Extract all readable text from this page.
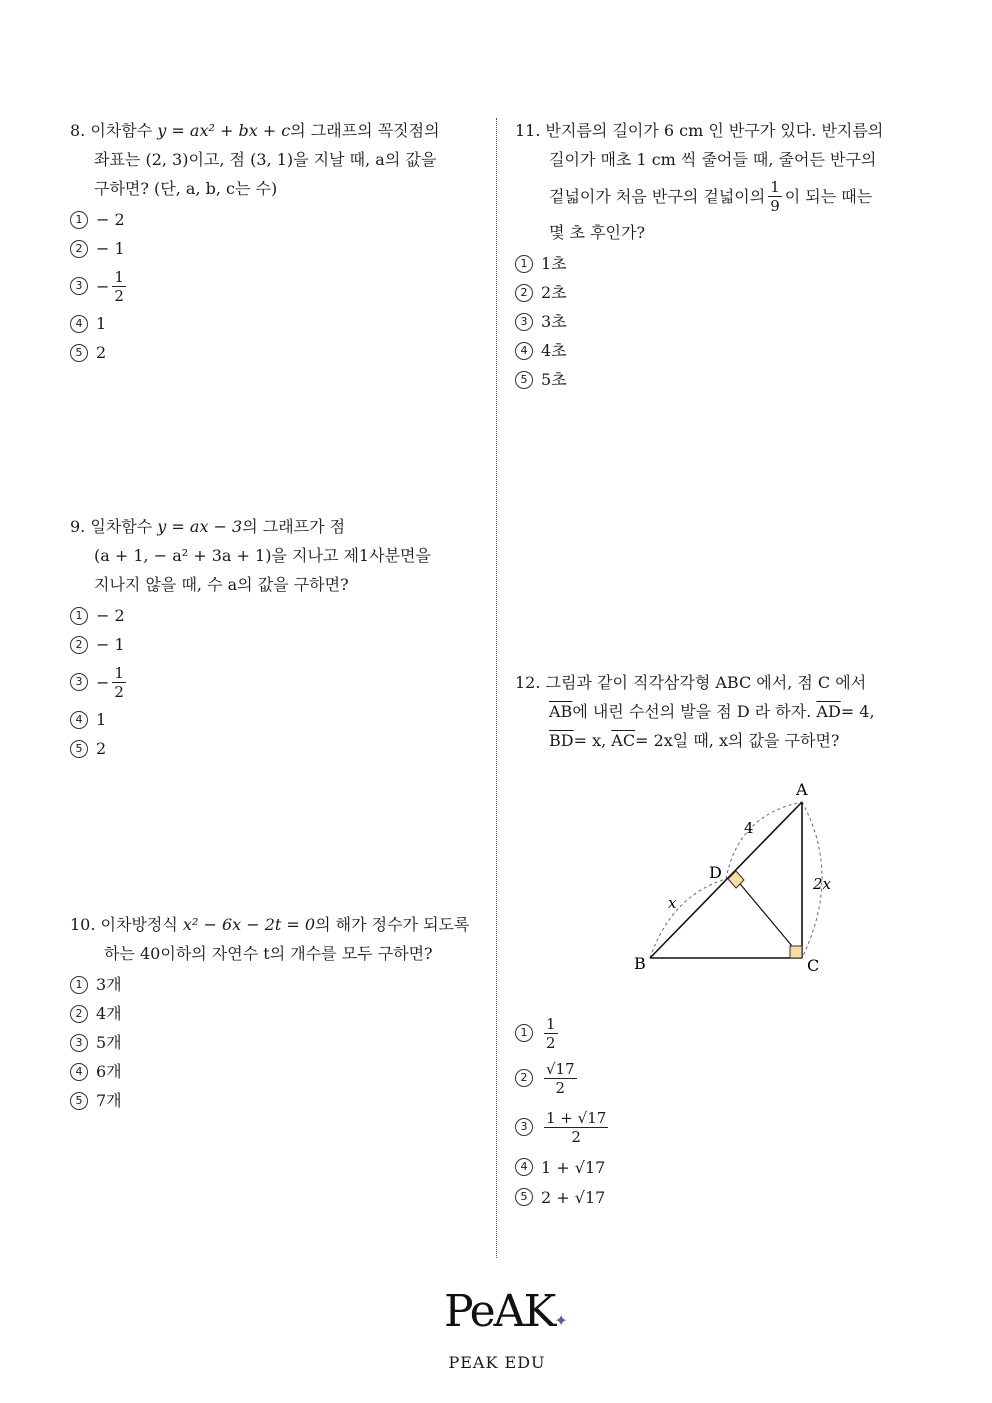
8. 이차함수 y = ax² + bx + c의 그래프의 꼭짓점의
좌표는 (2, 3)이고, 점 (3, 1)을 지날 때, a의 값을
구하면? (단, a, b, c는 수)
1 − 2
2 − 1
$3 - \frac{1}{2}$
4 1
5 2
9. 일차함수 y = ax − 3의 그래프가 점
(a + 1, − a² + 3a + 1)을 지나고 제1사분면을
지나지 않을 때, 수 a의 값을 구하면?
1 − 2
2 − 1
$3 - \frac{1}{2}$
4 1
5 2
10. 이차방정식 x² − 6x − 2t = 0의 해가 정수가 되도록
하는 40이하의 자연수 t의 개수를 모두 구하면?
1 3개
2 4개
3 5개
4 6개
5 7개
11. 반지름의 길이가 6 cm 인 반구가 있다. 반지름의
길이가 매초 1 cm 씩 줄어들 때, 줄어든 반구의
겉넓이가 처음 반구의 겉넓이의 $\frac{1}{9}$ 이 되는 때는
몇 초 후인가?
1 1초
2 2초
3 3초
4 4초
5 5초
12. 그림과 같이 직각삼각형 ABC 에서, 점 C 에서
$\overline{AB}$에 내린 수선의 발을 점 D 라 하자. $\overline{AD}= 4$,
$\overline{BD}= x$, $\overline{AC}= 2x$일 때, x의 값을 구하면?
A
B	C
D
4
x
2x
1	$\frac{1}{2}$
2	$\frac{√17}{2}$
3	$\frac{1 + √17}{2}$
4 1 + √17
5 2 + √17
PeAK✦
PEAK EDU
